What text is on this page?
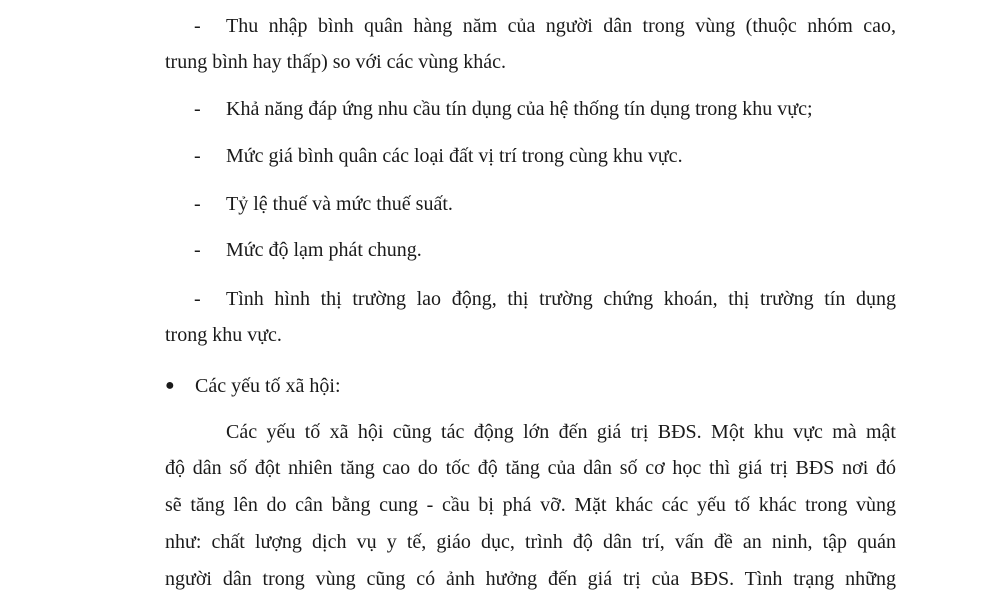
- Thu nhập bình quân hàng năm của người dân trong vùng (thuộc nhóm cao,
trung bình hay thấp) so với các vùng khác.
- Khả năng đáp ứng nhu cầu tín dụng của hệ thống tín dụng trong khu vực;
- Mức giá bình quân các loại đất vị trí trong cùng khu vực.
- Tỷ lệ thuế và mức thuế suất.
- Mức độ lạm phát chung.
- Tình hình thị trường lao động, thị trường chứng khoán, thị trường tín dụng
trong khu vực.
● Các yếu tố xã hội:
Các yếu tố xã hội cũng tác động lớn đến giá trị BĐS. Một khu vực mà mật
độ dân số đột nhiên tăng cao do tốc độ tăng của dân số cơ học thì giá trị BĐS nơi đó
sẽ tăng lên do cân bằng cung - cầu bị phá vỡ. Mặt khác các yếu tố khác trong vùng
như: chất lượng dịch vụ y tế, giáo dục, trình độ dân trí, vấn đề an ninh, tập quán
người dân trong vùng cũng có ảnh hưởng đến giá trị của BĐS. Tình trạng những
